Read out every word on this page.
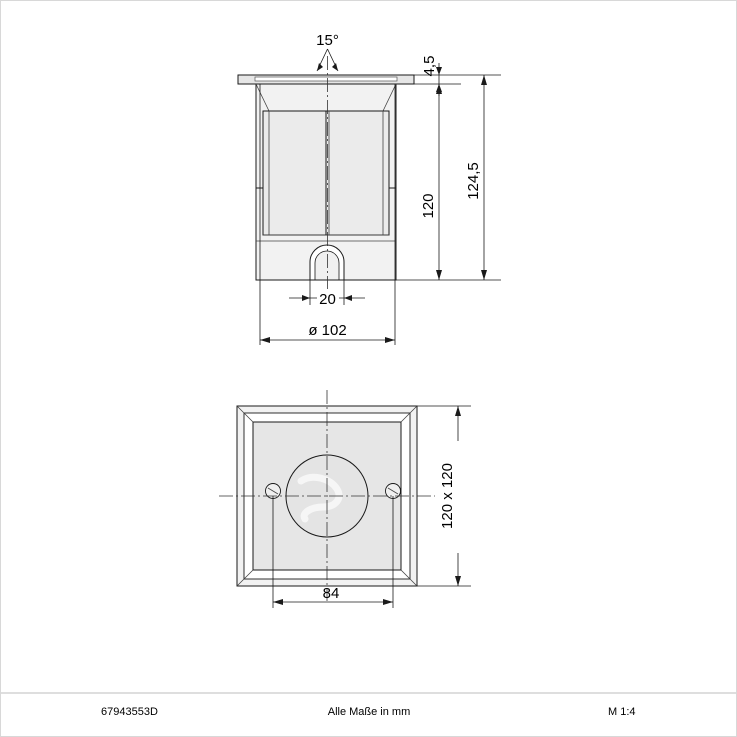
15°
4,5
120
124,5
20
ø 102
120 x 120
84
67943553D	Alle Maße in mm	M 1:4
